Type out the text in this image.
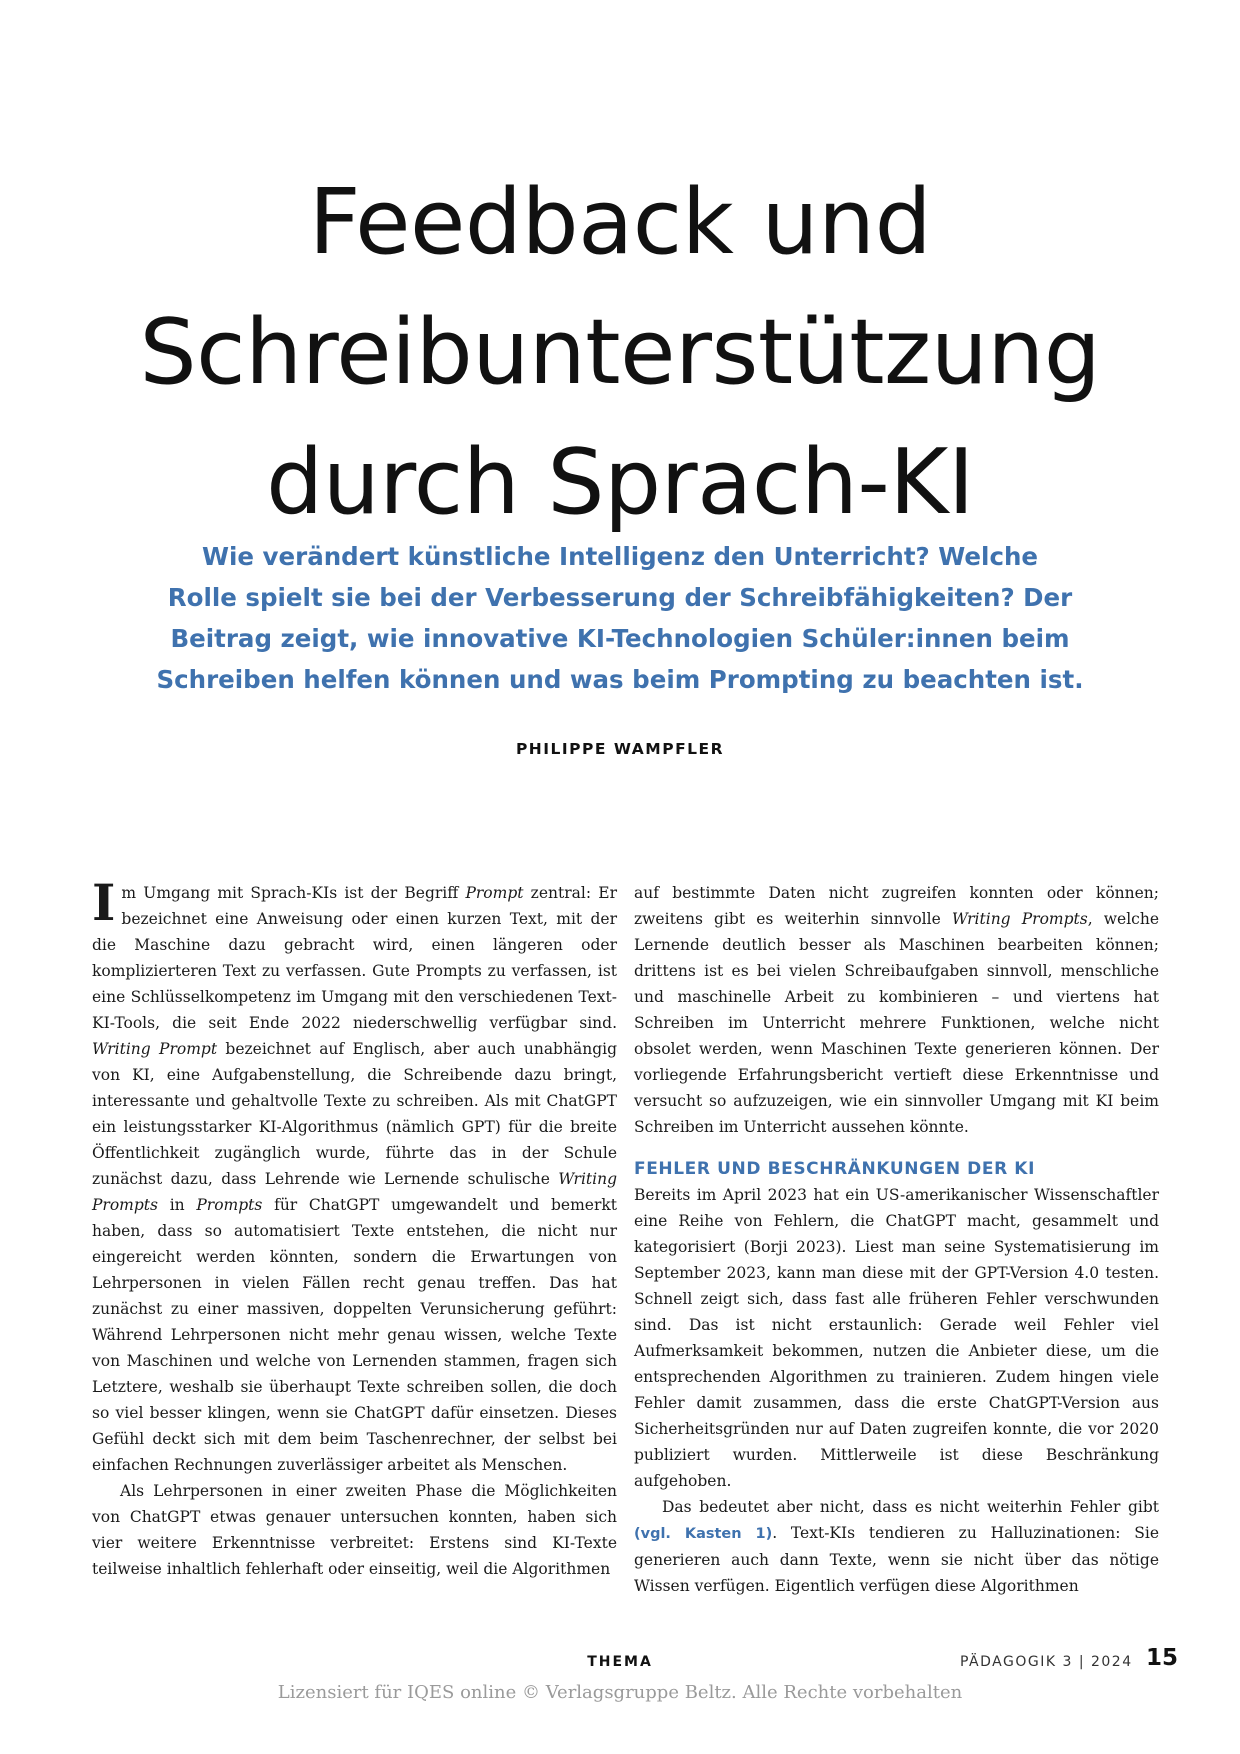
Feedback und
Schreibunterstützung
durch Sprach-KI

Wie verändert künstliche Intelligenz den Unterricht? Welche
Rolle spielt sie bei der Verbesserung der Schreibfähigkeiten? Der
Beitrag zeigt, wie innovative KI-Technologien Schüler:innen beim
Schreiben helfen können und was beim Prompting zu beachten ist.

PHILIPPE WAMPFLER

Im Umgang mit Sprach-KIs ist der Begriff Prompt zentral: Er bezeichnet eine Anweisung oder einen kurzen Text, mit der die Maschine dazu gebracht wird, einen längeren oder komplizierteren Text zu verfassen. Gute Prompts zu verfassen, ist eine Schlüsselkompetenz im Umgang mit den verschiedenen Text-KI-Tools, die seit Ende 2022 niederschwellig verfügbar sind. Writing Prompt bezeichnet auf Englisch, aber auch unabhängig von KI, eine Aufgabenstellung, die Schreibende dazu bringt, interessante und gehaltvolle Texte zu schreiben. Als mit ChatGPT ein leistungsstarker KI-Algorithmus (nämlich GPT) für die breite Öffentlichkeit zugänglich wurde, führte das in der Schule zunächst dazu, dass Lehrende wie Lernende schulische Writing Prompts in Prompts für ChatGPT umgewandelt und bemerkt haben, dass so automatisiert Texte entstehen, die nicht nur eingereicht werden könnten, sondern die Erwartungen von Lehrpersonen in vielen Fällen recht genau treffen. Das hat zunächst zu einer massiven, doppelten Verunsicherung geführt: Während Lehrpersonen nicht mehr genau wissen, welche Texte von Maschinen und welche von Lernenden stammen, fragen sich Letztere, weshalb sie überhaupt Texte schreiben sollen, die doch so viel besser klingen, wenn sie ChatGPT dafür einsetzen. Dieses Gefühl deckt sich mit dem beim Taschenrechner, der selbst bei einfachen Rechnungen zuverlässiger arbeitet als Menschen.

Als Lehrpersonen in einer zweiten Phase die Möglichkeiten von ChatGPT etwas genauer untersuchen konnten, haben sich vier weitere Erkenntnisse verbreitet: Erstens sind KI-Texte teilweise inhaltlich fehlerhaft oder einseitig, weil die Algorithmen

auf bestimmte Daten nicht zugreifen konnten oder können; zweitens gibt es weiterhin sinnvolle Writing Prompts, welche Lernende deutlich besser als Maschinen bearbeiten können; drittens ist es bei vielen Schreibaufgaben sinnvoll, menschliche und maschinelle Arbeit zu kombinieren – und viertens hat Schreiben im Unterricht mehrere Funktionen, welche nicht obsolet werden, wenn Maschinen Texte generieren können. Der vorliegende Erfahrungsbericht vertieft diese Erkenntnisse und versucht so aufzuzeigen, wie ein sinnvoller Umgang mit KI beim Schreiben im Unterricht aussehen könnte.

FEHLER UND BESCHRÄNKUNGEN DER KI

Bereits im April 2023 hat ein US-amerikanischer Wissenschaftler eine Reihe von Fehlern, die ChatGPT macht, gesammelt und kategorisiert (Borji 2023). Liest man seine Systematisierung im September 2023, kann man diese mit der GPT-Version 4.0 testen. Schnell zeigt sich, dass fast alle früheren Fehler verschwunden sind. Das ist nicht erstaunlich: Gerade weil Fehler viel Aufmerksamkeit bekommen, nutzen die Anbieter diese, um die entsprechenden Algorithmen zu trainieren. Zudem hingen viele Fehler damit zusammen, dass die erste ChatGPT-Version aus Sicherheitsgründen nur auf Daten zugreifen konnte, die vor 2020 publiziert wurden. Mittlerweile ist diese Beschränkung aufgehoben.

Das bedeutet aber nicht, dass es nicht weiterhin Fehler gibt (vgl. Kasten 1). Text-KIs tendieren zu Halluzinationen: Sie generieren auch dann Texte, wenn sie nicht über das nötige Wissen verfügen. Eigentlich verfügen diese Algorithmen

THEMA	PÄDAGOGIK 3 | 2024 15
Lizensiert für IQES online © Verlagsgruppe Beltz. Alle Rechte vorbehalten
